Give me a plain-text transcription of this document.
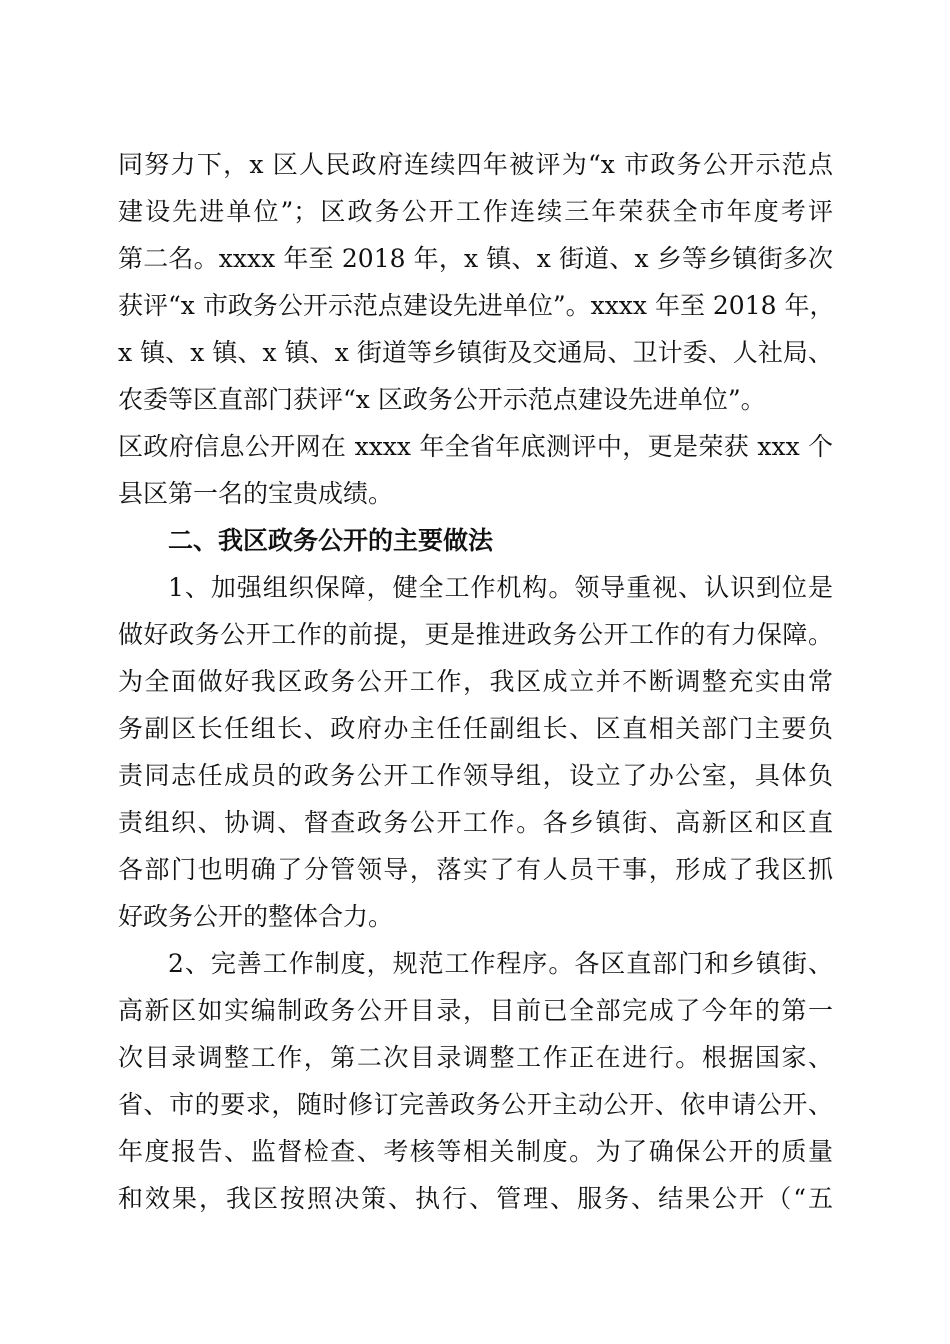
同努力下，x 区人民政府连续四年被评为“x 市政务公开示范点
建设先进单位”；区政务公开工作连续三年荣获全市年度考评
第二名。xxxx 年至 2018 年，x 镇、x 街道、x 乡等乡镇街多次
获评“x 市政务公开示范点建设先进单位”。xxxx 年至 2018 年，
x 镇、x 镇、x 镇、x 街道等乡镇街及交通局、卫计委、人社局、
农委等区直部门获评“x 区政务公开示范点建设先进单位”。
区政府信息公开网在 xxxx 年全省年底测评中，更是荣获 xxx 个
县区第一名的宝贵成绩。
二、我区政务公开的主要做法
1、加强组织保障，健全工作机构。领导重视、认识到位是
做好政务公开工作的前提，更是推进政务公开工作的有力保障。
为全面做好我区政务公开工作，我区成立并不断调整充实由常
务副区长任组长、政府办主任任副组长、区直相关部门主要负
责同志任成员的政务公开工作领导组，设立了办公室，具体负
责组织、协调、督查政务公开工作。各乡镇街、高新区和区直
各部门也明确了分管领导，落实了有人员干事，形成了我区抓
好政务公开的整体合力。
2、完善工作制度，规范工作程序。各区直部门和乡镇街、
高新区如实编制政务公开目录，目前已全部完成了今年的第一
次目录调整工作，第二次目录调整工作正在进行。根据国家、
省、市的要求，随时修订完善政务公开主动公开、依申请公开、
年度报告、监督检查、考核等相关制度。为了确保公开的质量
和效果，我区按照决策、执行、管理、服务、结果公开（“五
